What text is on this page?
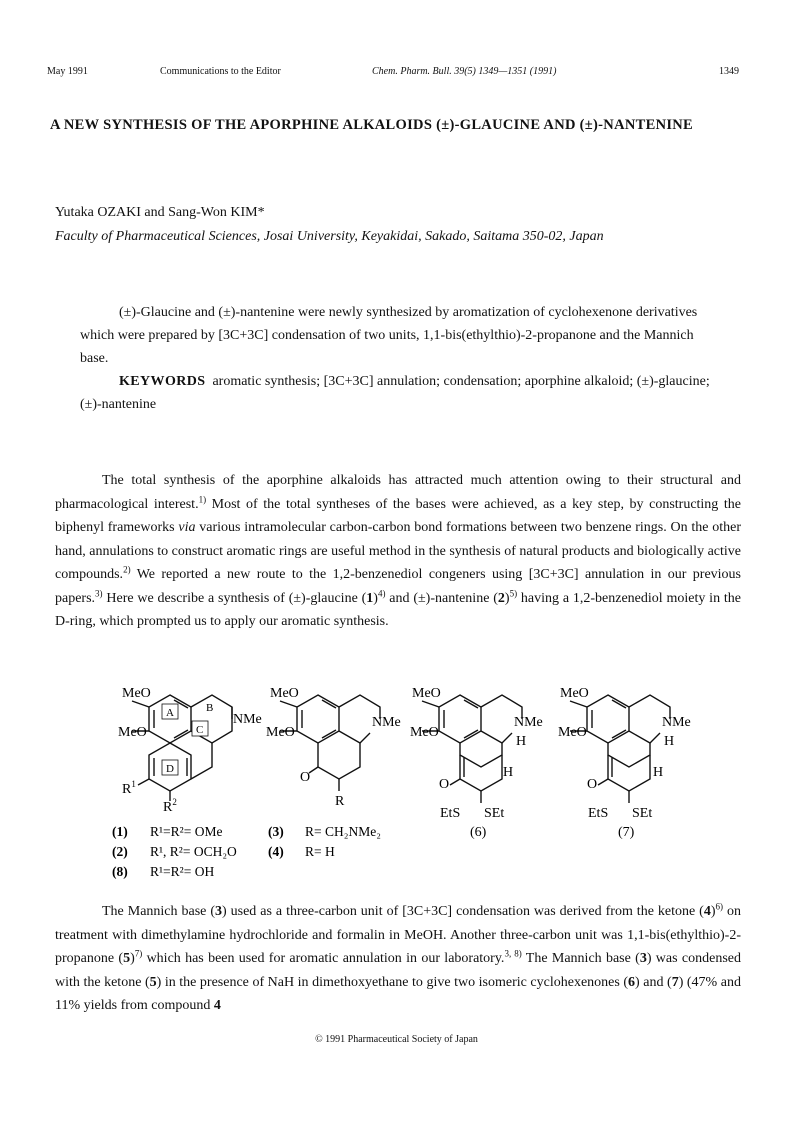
May 1991	Communications to the Editor	Chem. Pharm. Bull. 39(5) 1349—1351 (1991)	1349
A NEW SYNTHESIS OF THE APORPHINE ALKALOIDS (±)-GLAUCINE AND (±)-NANTENINE
Yutaka OZAKI and Sang-Won KIM*
Faculty of Pharmaceutical Sciences, Josai University, Keyakidai, Sakado, Saitama 350-02, Japan

(±)-Glaucine and (±)-nantenine were newly synthesized by aromatization of cyclohexenone derivatives which were prepared by [3C+3C] condensation of two units, 1,1-bis(ethylthio)-2-propanone and the Mannich base.

KEYWORDS aromatic synthesis; [3C+3C] annulation; condensation; aporphine alkaloid; (±)-glaucine; (±)-nantenine

The total synthesis of the aporphine alkaloids has attracted much attention owing to their structural and pharmacological interest.$^{1)}$ Most of the total syntheses of the bases were achieved, as a key step, by constructing the biphenyl frameworks via various intramolecular carbon-carbon bond formations between two benzene rings. On the other hand, annulations to construct aromatic rings are useful method in the synthesis of natural products and biologically active compounds.$^{2)}$ We reported a new route to the 1,2-benzenediol congeners using [3C+3C] annulation in our previous papers.$^{3)}$ Here we describe a synthesis of (±)-glaucine $(1)^{4)}$ and (±)-nantenine $(2)^{5)}$ having a 1,2-benzenediol moiety in the D-ring, which prompted us to apply our aromatic synthesis.

MeO
MeO
NMe
A	B
C
D
$R^1$
$R^2$
MeO
MeO
NMe
O
R
MeO
MeO
NMe
H
H
O
EtS SEt
(6)
MeO
MeO
NMe
H
H
O
EtS SEt
(7)
(1) R¹=R²= OMe
(2) R¹, R²= OCH₂O
(8) R¹=R²= OH
(3) R= CH₂NMe₂
(4) R= H

The Mannich base (3) used as a three-carbon unit of [3C+3C] condensation was derived from the ketone $(4)^{6)}$ on treatment with dimethylamine hydrochloride and formalin in MeOH. Another three-carbon unit was 1,1-bis(ethylthio)-2-propanone $(5)^{7)}$ which has been used for aromatic annulation in our laboratory.$^{3, 8)}$ The Mannich base (3) was condensed with the ketone (5) in the presence of NaH in dimethoxyethane to give two isomeric cyclohexenones (6) and (7) (47% and 11% yields from compound 4

© 1991 Pharmaceutical Society of Japan
